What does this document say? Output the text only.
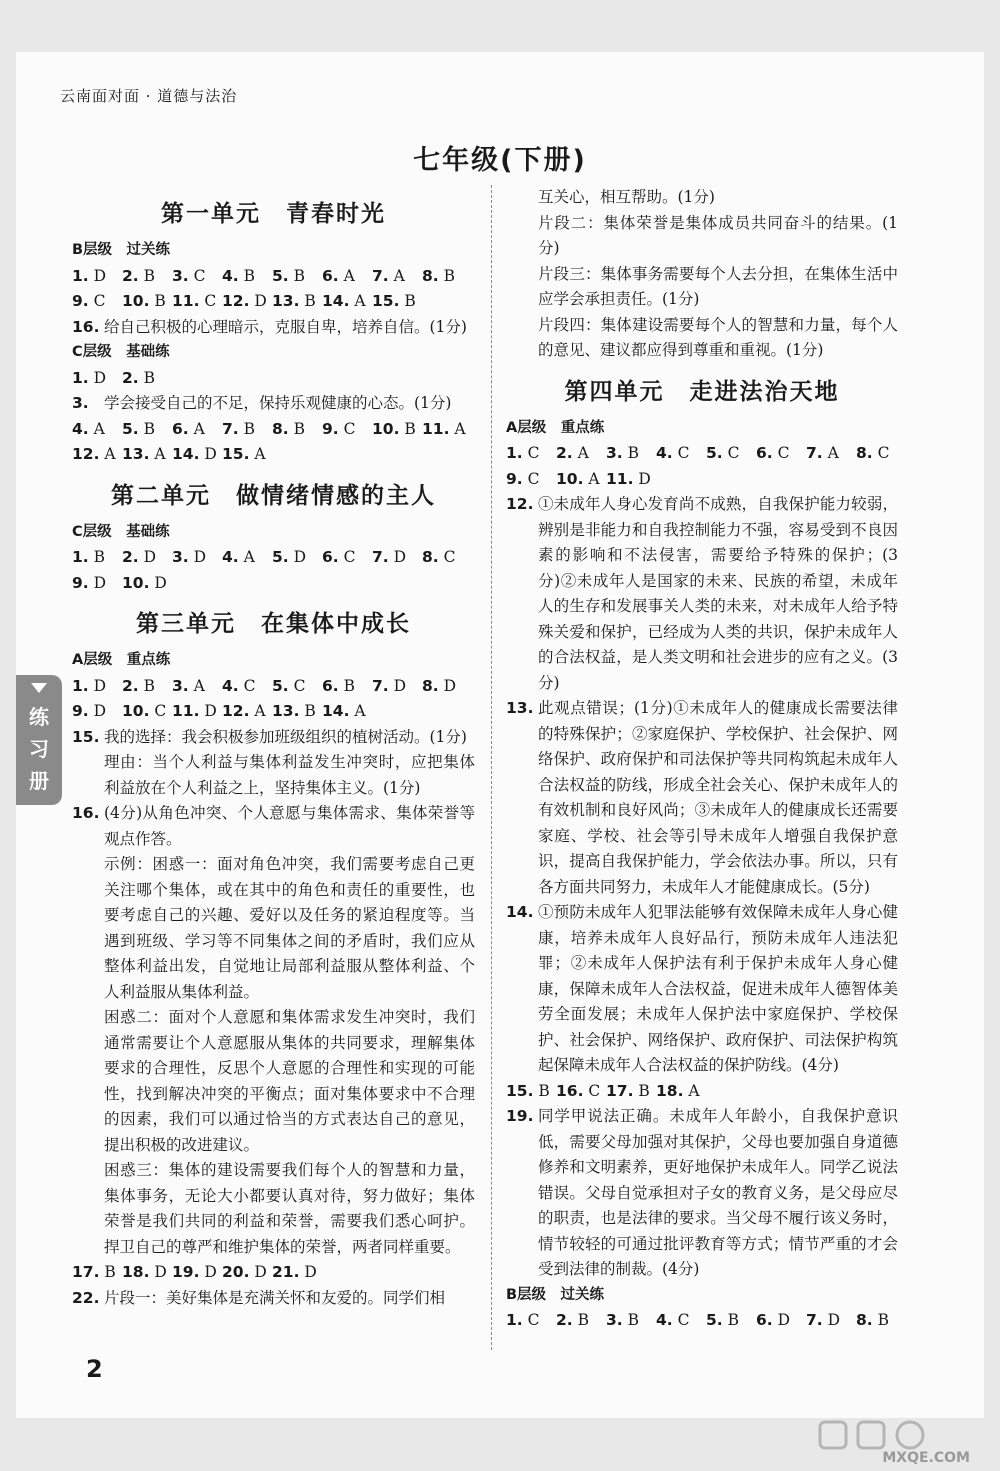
云南面对面 · 道德与法治
七年级(下册)
第一单元　青春时光
B层级　过关练
1. D 2. B 3. C 4. B 5. B 6. A 7. A 8. B
9. C 10. B 11. C 12. D 13. B 14. A 15. B
16. 给自己积极的心理暗示，克服自卑，培养自信。(1分)
C层级　基础练
1. D 2. B
3. 学会接受自己的不足，保持乐观健康的心态。(1分)
4. A 5. B 6. A 7. B 8. B 9. C 10. B 11. A
12. A 13. A 14. D 15. A
第二单元　做情绪情感的主人
C层级　基础练
1. B 2. D 3. D 4. A 5. D 6. C 7. D 8. C
9. D 10. D
第三单元　在集体中成长
A层级　重点练
1. D 2. B 3. A 4. C 5. C 6. B 7. D 8. D
9. D 10. C 11. D 12. A 13. B 14. A
15. 我的选择：我会积极参加班级组织的植树活动。(1分)

理由：当个人利益与集体利益发生冲突时，应把集体利益放在个人利益之上，坚持集体主义。(1分)

16. (4分)从角色冲突、个人意愿与集体需求、集体荣誉等观点作答。

示例：困惑一：面对角色冲突，我们需要考虑自己更关注哪个集体，或在其中的角色和责任的重要性，也要考虑自己的兴趣、爱好以及任务的紧迫程度等。当遇到班级、学习等不同集体之间的矛盾时，我们应从整体利益出发，自觉地让局部利益服从整体利益、个人利益服从集体利益。

困惑二：面对个人意愿和集体需求发生冲突时，我们通常需要让个人意愿服从集体的共同要求，理解集体要求的合理性，反思个人意愿的合理性和实现的可能性，找到解决冲突的平衡点；面对集体要求中不合理的因素，我们可以通过恰当的方式表达自己的意见，提出积极的改进建议。

困惑三：集体的建设需要我们每个人的智慧和力量，集体事务，无论大小都要认真对待，努力做好；集体荣誉是我们共同的利益和荣誉，需要我们悉心呵护。捍卫自己的尊严和维护集体的荣誉，两者同样重要。

17. B 18. D 19. D 20. D 21. D
22. 片段一：美好集体是充满关怀和友爱的。同学们相

互关心，相互帮助。(1分)

片段二：集体荣誉是集体成员共同奋斗的结果。(1分)

片段三：集体事务需要每个人去分担，在集体生活中应学会承担责任。(1分)

片段四：集体建设需要每个人的智慧和力量，每个人的意见、建议都应得到尊重和重视。(1分)

第四单元　走进法治天地
A层级　重点练
1. C 2. A 3. B 4. C 5. C 6. C 7. A 8. C
9. C 10. A 11. D
12. ①未成年人身心发育尚不成熟，自我保护能力较弱，辨别是非能力和自我控制能力不强，容易受到不良因素的影响和不法侵害，需要给予特殊的保护；(3分)②未成年人是国家的未来、民族的希望，未成年人的生存和发展事关人类的未来，对未成年人给予特殊关爱和保护，已经成为人类的共识，保护未成年人的合法权益，是人类文明和社会进步的应有之义。(3分)
13. 此观点错误；(1分)①未成年人的健康成长需要法律的特殊保护；②家庭保护、学校保护、社会保护、网络保护、政府保护和司法保护等共同构筑起未成年人合法权益的防线，形成全社会关心、保护未成年人的有效机制和良好风尚；③未成年人的健康成长还需要家庭、学校、社会等引导未成年人增强自我保护意识，提高自我保护能力，学会依法办事。所以，只有各方面共同努力，未成年人才能健康成长。(5分)
14. ①预防未成年人犯罪法能够有效保障未成年人身心健康，培养未成年人良好品行，预防未成年人违法犯罪；②未成年人保护法有利于保护未成年人身心健康，保障未成年人合法权益，促进未成年人德智体美劳全面发展；未成年人保护法中家庭保护、学校保护、社会保护、网络保护、政府保护、司法保护构筑起保障未成年人合法权益的保护防线。(4分)
15. B 16. C 17. B 18. A
19. 同学甲说法正确。未成年人年龄小，自我保护意识低，需要父母加强对其保护，父母也要加强自身道德修养和文明素养，更好地保护未成年人。同学乙说法错误。父母自觉承担对子女的教育义务，是父母应尽的职责，也是法律的要求。当父母不履行该义务时，情节较轻的可通过批评教育等方式；情节严重的才会受到法律的制裁。(4分)
B层级　过关练
1. C 2. B 3. B 4. C 5. B 6. D 7. D 8. B
练习册
2
MXQE.COM
